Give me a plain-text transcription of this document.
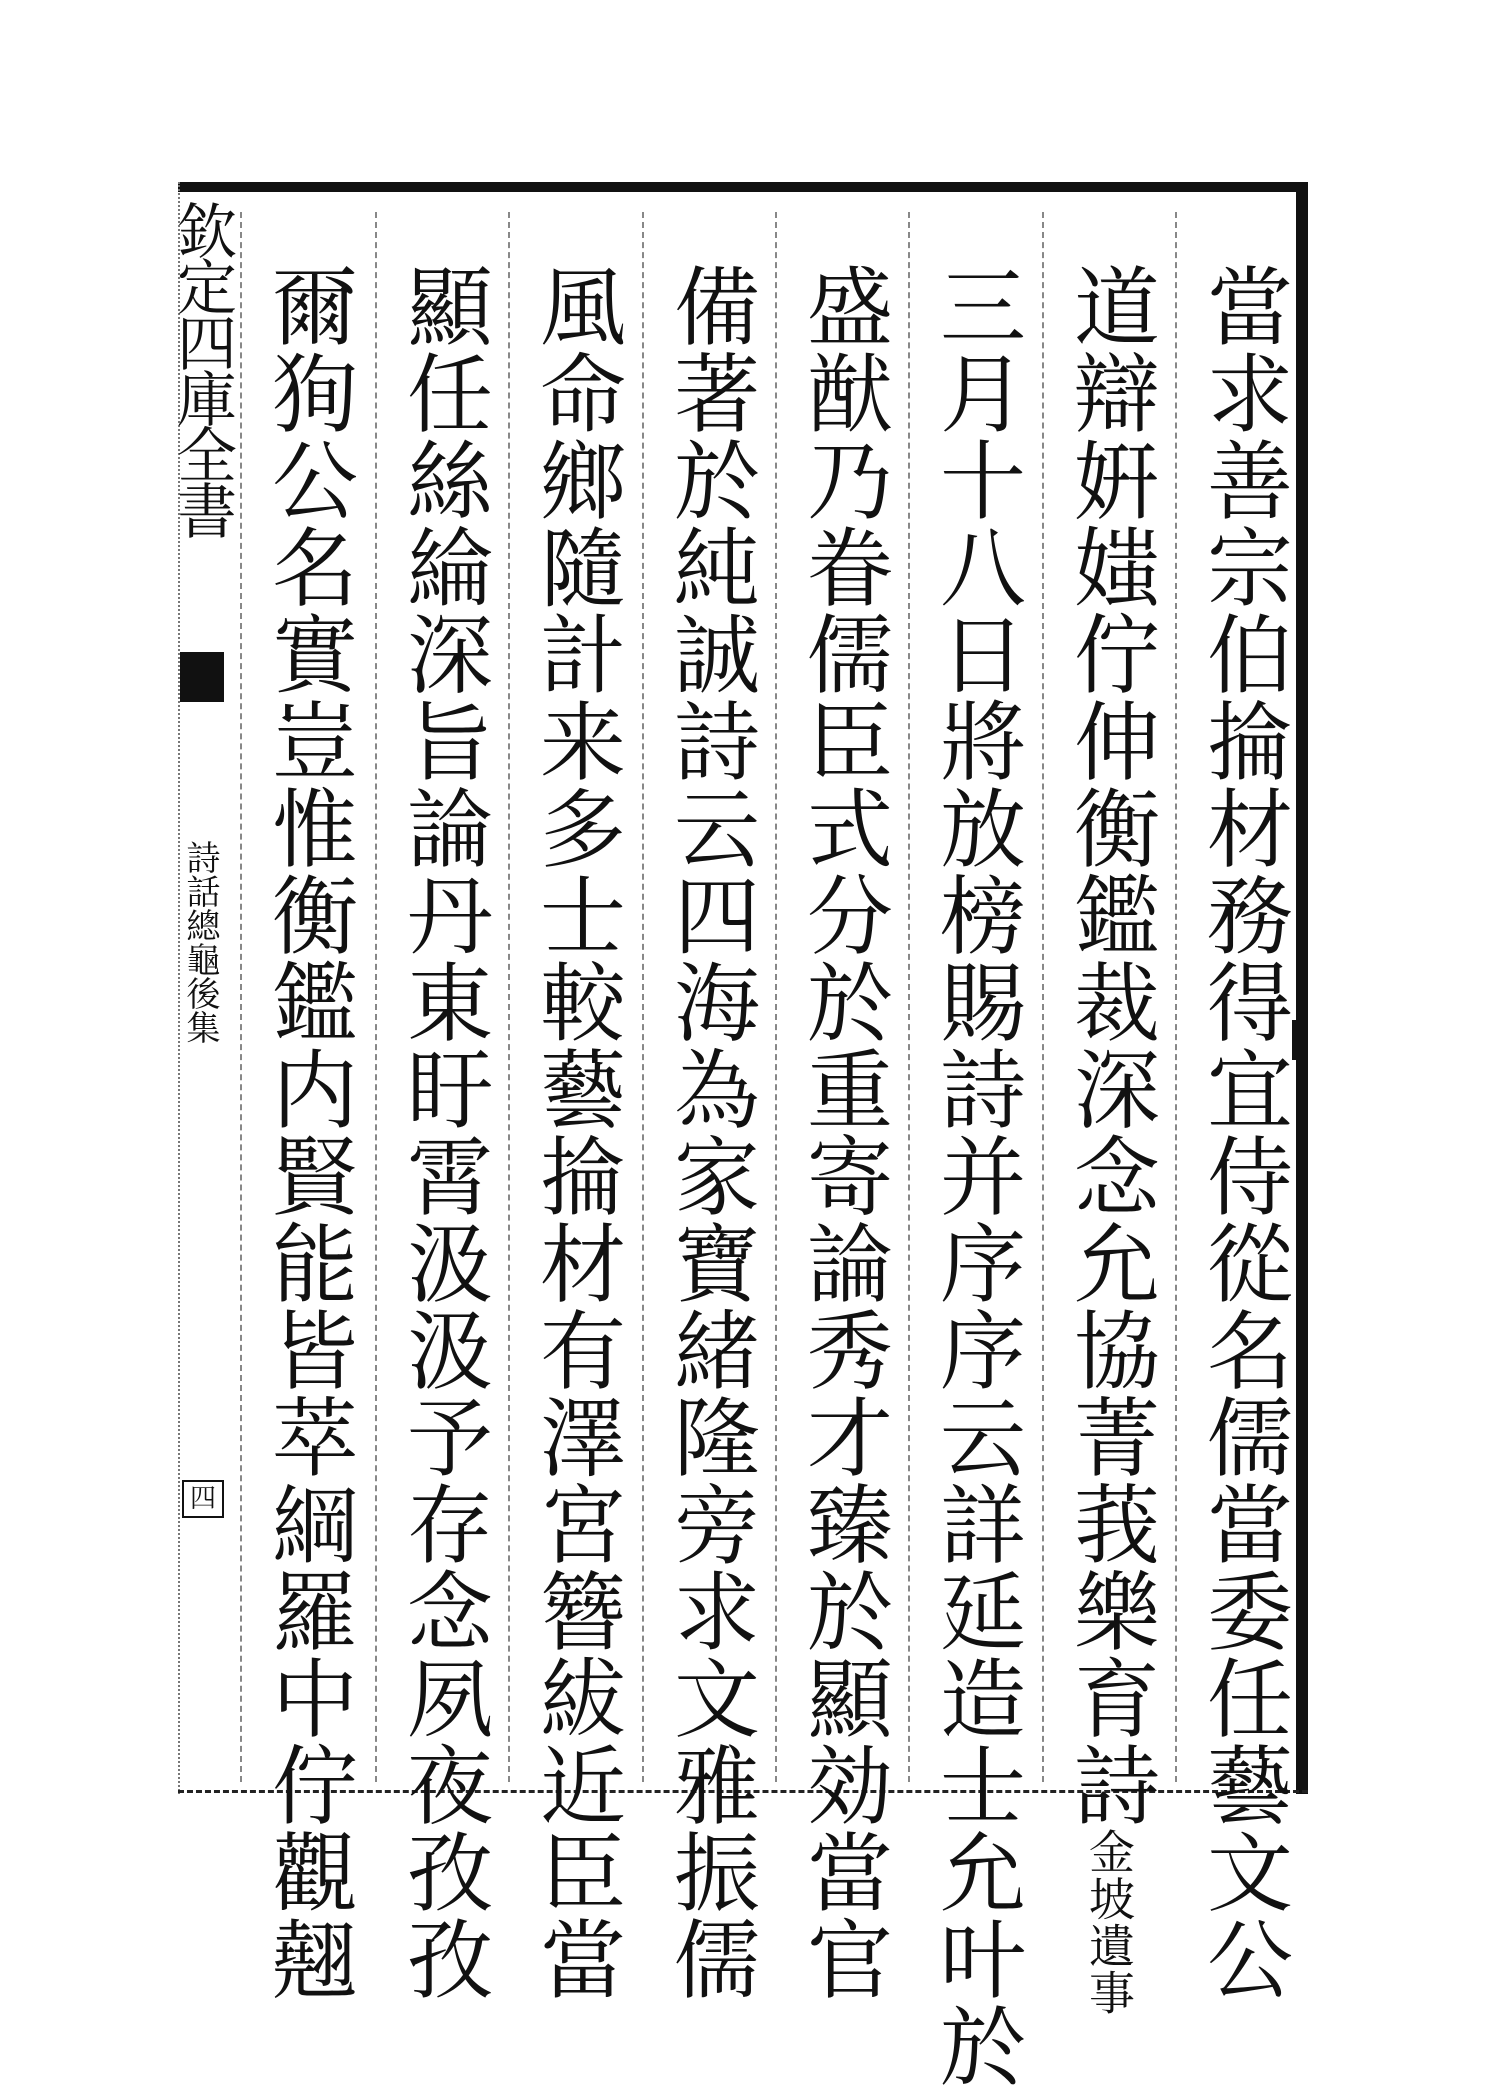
欽定四庫全書
詩話總龜後集
四	當求善宗伯掄材務得宜侍從名儒當委任藝文公
道辯姸媸佇伸衡鑑裁深念允協菁莪樂育詩金坡遺事
三月十八日將放榜賜詩并序序云詳延造士允叶於
盛猷乃眷儒臣式分於重寄論秀才臻於顯効當官
備著於純誠詩云四海為家寶緒隆旁求文雅振儒
風命鄉隨計来多士較藝掄材有澤宮簪紱近臣當
顯任絲綸深旨論丹東盱霄汲汲予存念夙夜孜孜
爾狥公名實豈惟衡鑑内賢能皆萃綱羅中佇觀翹
